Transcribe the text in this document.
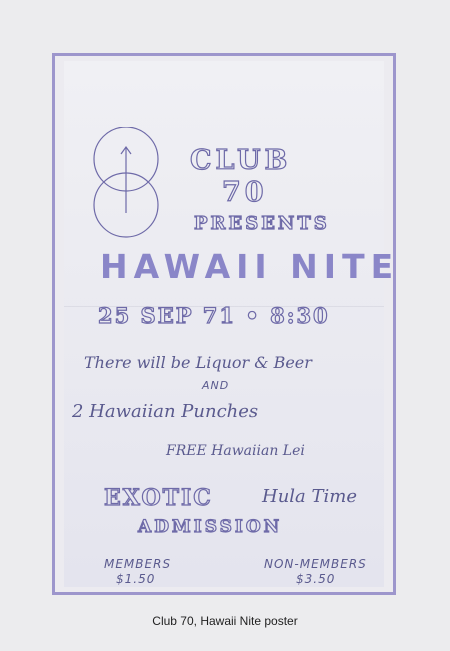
CLUB
70
PRESENTS
HAWAII NITE
25 SEP 71 • 8:30
There will be Liquor & Beer
AND
2 Hawaiian Punches
FREE Hawaiian Lei
EXOTIC	Hula Time
ADMISSION
MEMBERS
$1.50
NON-MEMBERS
$3.50
Club 70, Hawaii Nite poster
